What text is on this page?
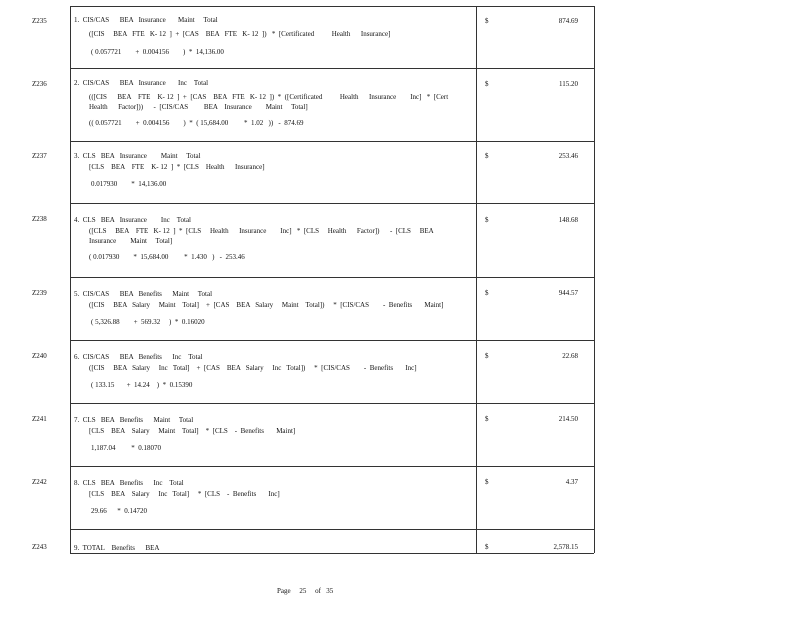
Z235	1.  CIS/CAS      BEA   Insurance       Maint     Total
([CIS     BEA   FTE   K- 12  ]  +  [CAS    BEA   FTE   K- 12  ])   *  [Certificated          Health      Insurance]
( 0.057721        +  0.004156        )  *  14,136.00
$	874.69
Z236	2.  CIS/CAS      BEA   Insurance       Inc    Total
(([CIS      BEA    FTE    K- 12  ]  +  [CAS    BEA   FTE   K- 12  ])  *  ([Certificated          Health      Insurance        Inc]   *  [Cert
Health      Factor]))      -  [CIS/CAS         BEA    Insurance        Maint     Total]
(( 0.057721        +  0.004156        )  *  ( 15,684.00         *  1.02   ))   -  874.69
$	115.20
Z237	3.  CLS   BEA   Insurance        Maint     Total
[CLS    BEA    FTE    K- 12  ]  *  [CLS    Health      Insurance]
0.017930        *  14,136.00
$	253.46
Z238	4.  CLS   BEA   Insurance        Inc    Total
([CLS     BEA    FTE   K- 12  ]  *  [CLS     Health      Insurance        Inc]   *  [CLS     Health      Factor])      -  [CLS     BEA
Insurance        Maint     Total]
( 0.017930        *  15,684.00         *  1.430   )   -  253.46
$	148.68
Z239	5.  CIS/CAS      BEA   Benefits      Maint     Total
([CIS     BEA   Salary     Maint    Total]    +  [CAS    BEA   Salary     Maint    Total])     *  [CIS/CAS        -  Benefits       Maint]
( 5,326.88        +  569.32     )  *  0.16020
$	944.57
Z240	6.  CIS/CAS      BEA   Benefits      Inc    Total
([CIS     BEA   Salary     Inc   Total]    +  [CAS    BEA   Salary     Inc   Total])     *  [CIS/CAS        -  Benefits       Inc]
( 133.15       +  14.24    )  *  0.15390
$	22.68
Z241	7.  CLS   BEA   Benefits      Maint     Total
[CLS    BEA    Salary     Maint    Total]    *  [CLS    -  Benefits       Maint]
1,187.04         *  0.18070
$	214.50
Z242	8.  CLS   BEA   Benefits      Inc    Total
[CLS    BEA    Salary     Inc   Total]     *  [CLS    -  Benefits       Inc]
29.66      *  0.14720
$	4.37
Z243	9.  TOTAL    Benefits      BEA	$	2,578.15
Page     25     of   35
